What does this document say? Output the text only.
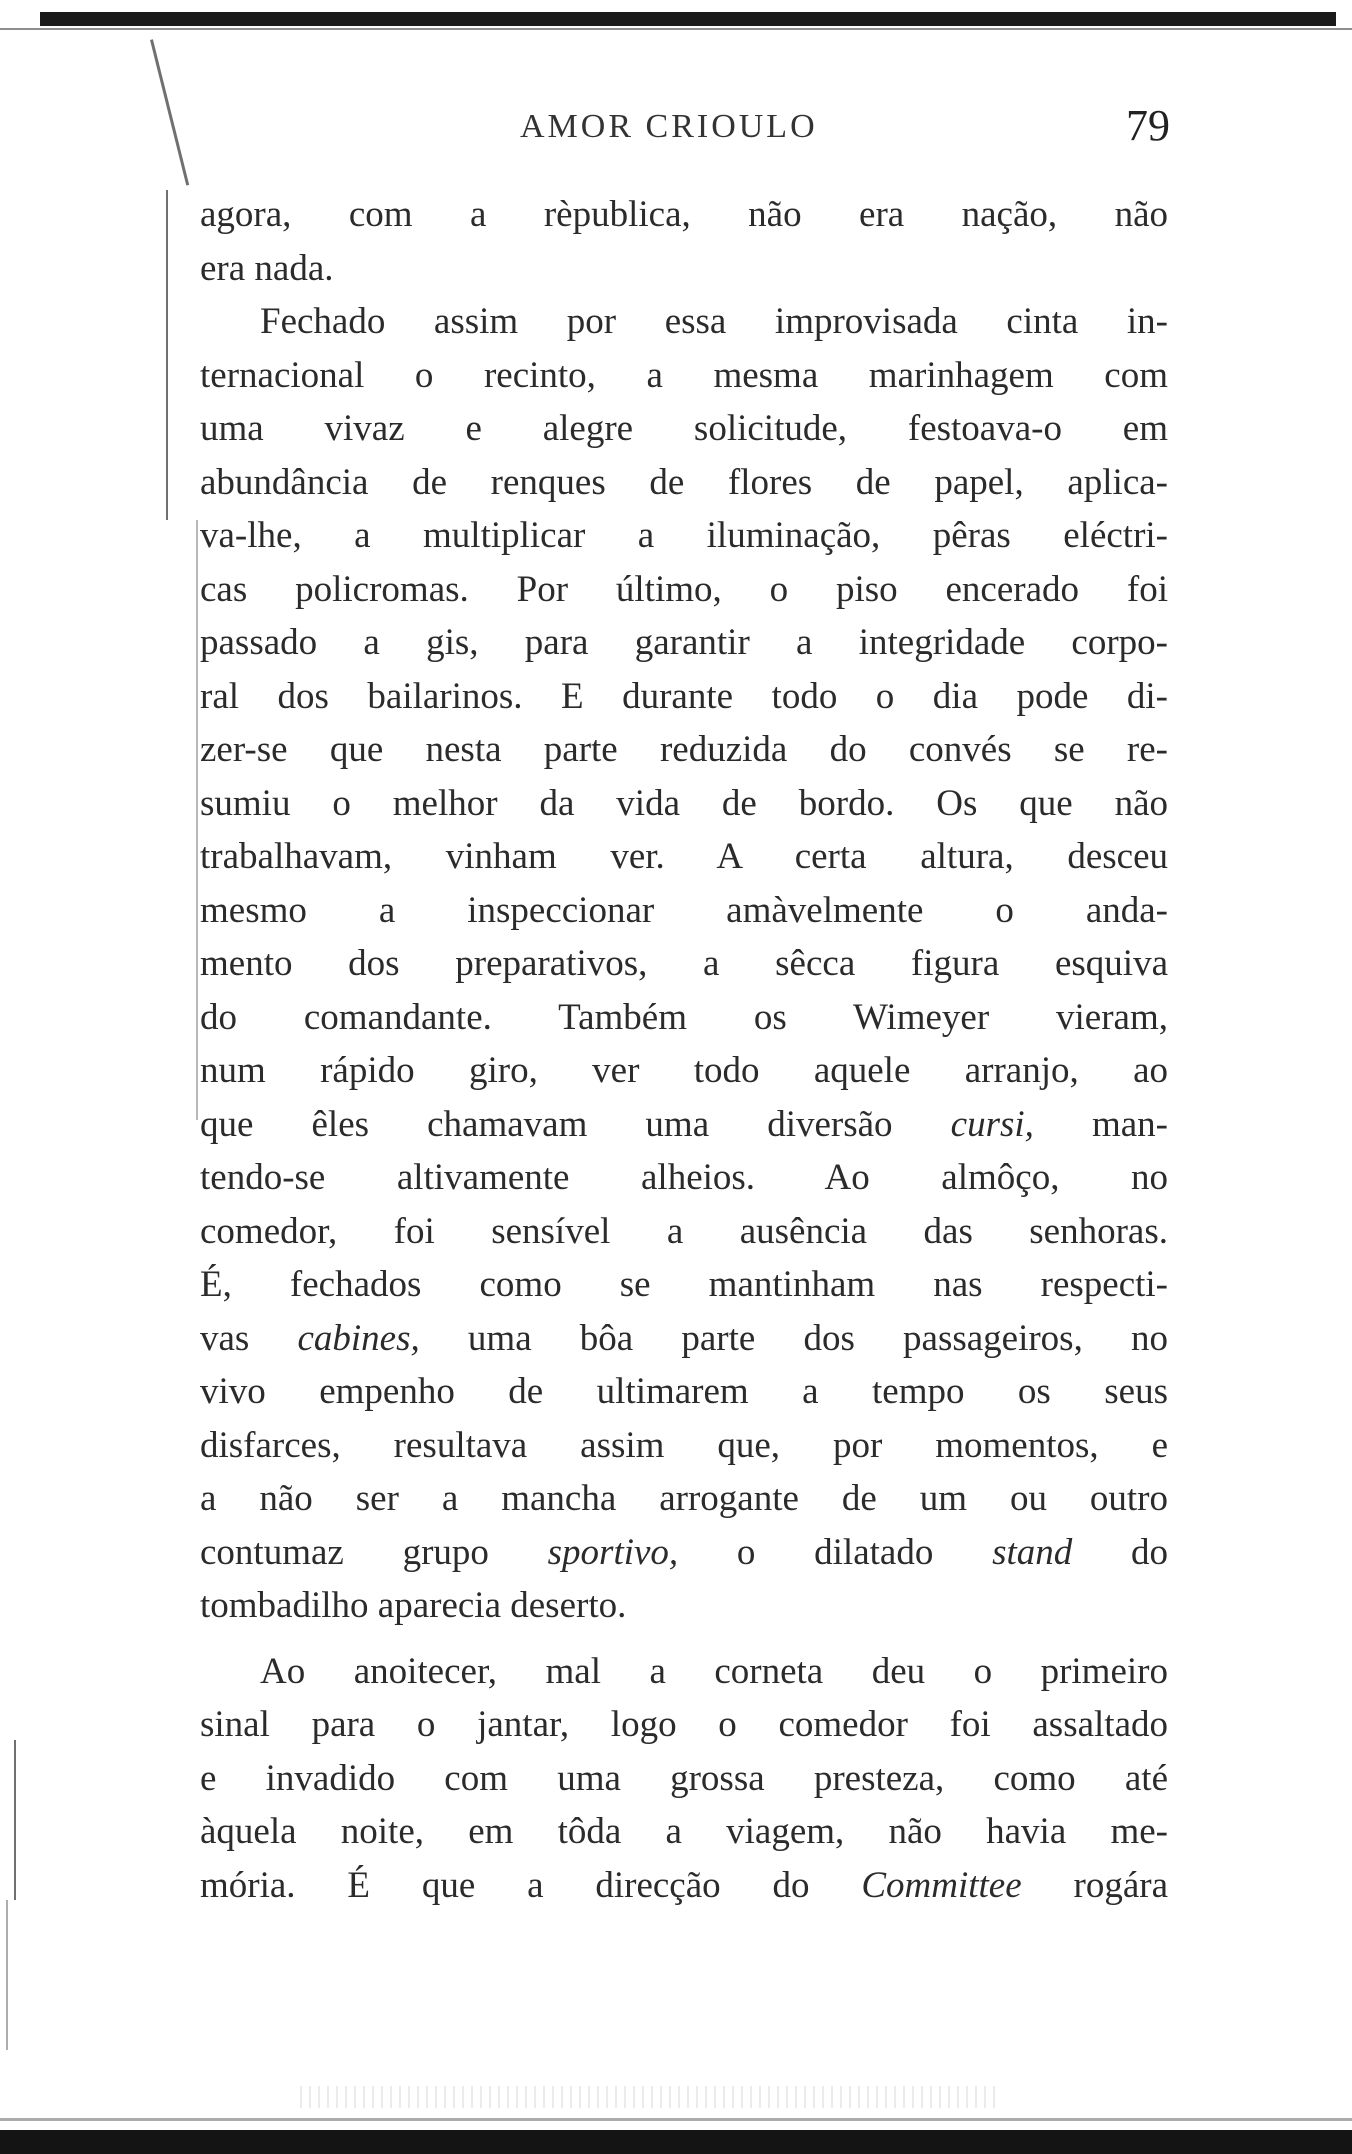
AMOR CRIOULO	79
agora, com a rèpublica, não era nação, não
era nada.
Fechado assim por essa improvisada cinta in-
ternacional o recinto, a mesma marinhagem com
uma vivaz e alegre solicitude, festoava-o em
abundância de renques de flores de papel, aplica-
va-lhe, a multiplicar a iluminação, pêras eléctri-
cas policromas. Por último, o piso encerado foi
passado a gis, para garantir a integridade corpo-
ral dos bailarinos. E durante todo o dia pode di-
zer-se que nesta parte reduzida do convés se re-
sumiu o melhor da vida de bordo. Os que não
trabalhavam, vinham ver. A certa altura, desceu
mesmo a inspeccionar amàvelmente o anda-
mento dos preparativos, a sêcca figura esquiva
do comandante. Também os Wimeyer vieram,
num rápido giro, ver todo aquele arranjo, ao
que êles chamavam uma diversão cursi, man-
tendo-se altivamente alheios. Ao almôço, no
comedor, foi sensível a ausência das senhoras.
É, fechados como se mantinham nas respecti-
vas cabines, uma bôa parte dos passageiros, no
vivo empenho de ultimarem a tempo os seus
disfarces, resultava assim que, por momentos, e
a não ser a mancha arrogante de um ou outro
contumaz grupo sportivo, o dilatado stand do
tombadilho aparecia deserto.
Ao anoitecer, mal a corneta deu o primeiro
sinal para o jantar, logo o comedor foi assaltado
e invadido com uma grossa presteza, como até
àquela noite, em tôda a viagem, não havia me-
mória. É que a direcção do Committee rogára
